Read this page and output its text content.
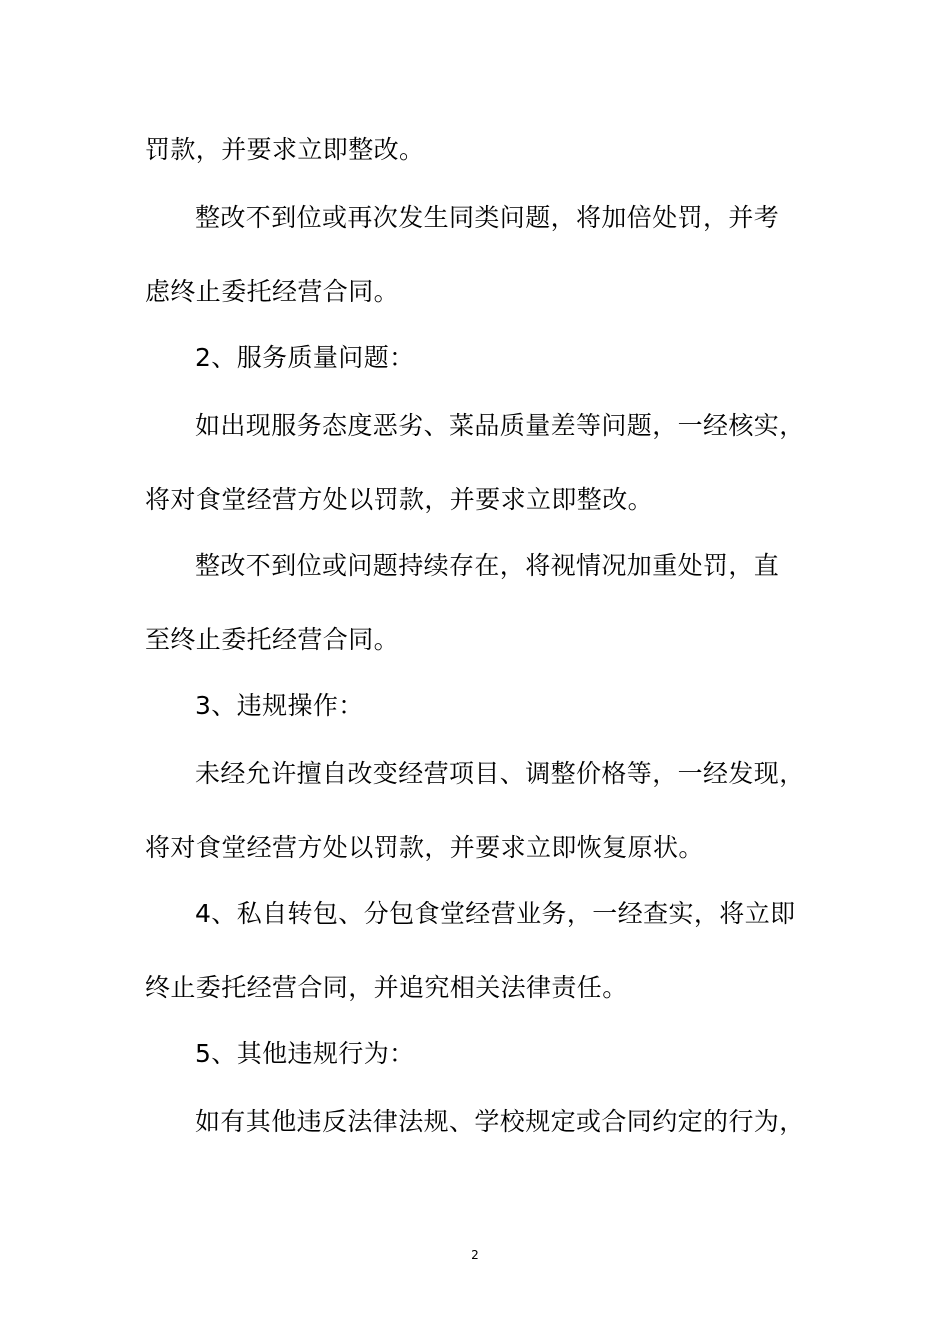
罚款，并要求立即整改。
整改不到位或再次发生同类问题，将加倍处罚，并考
虑终止委托经营合同。
2、服务质量问题：
如出现服务态度恶劣、菜品质量差等问题，一经核实，
将对食堂经营方处以罚款，并要求立即整改。
整改不到位或问题持续存在，将视情况加重处罚，直
至终止委托经营合同。
3、违规操作：
未经允许擅自改变经营项目、调整价格等，一经发现，
将对食堂经营方处以罚款，并要求立即恢复原状。
4、私自转包、分包食堂经营业务，一经查实，将立即
终止委托经营合同，并追究相关法律责任。
5、其他违规行为：
如有其他违反法律法规、学校规定或合同约定的行为，
2
